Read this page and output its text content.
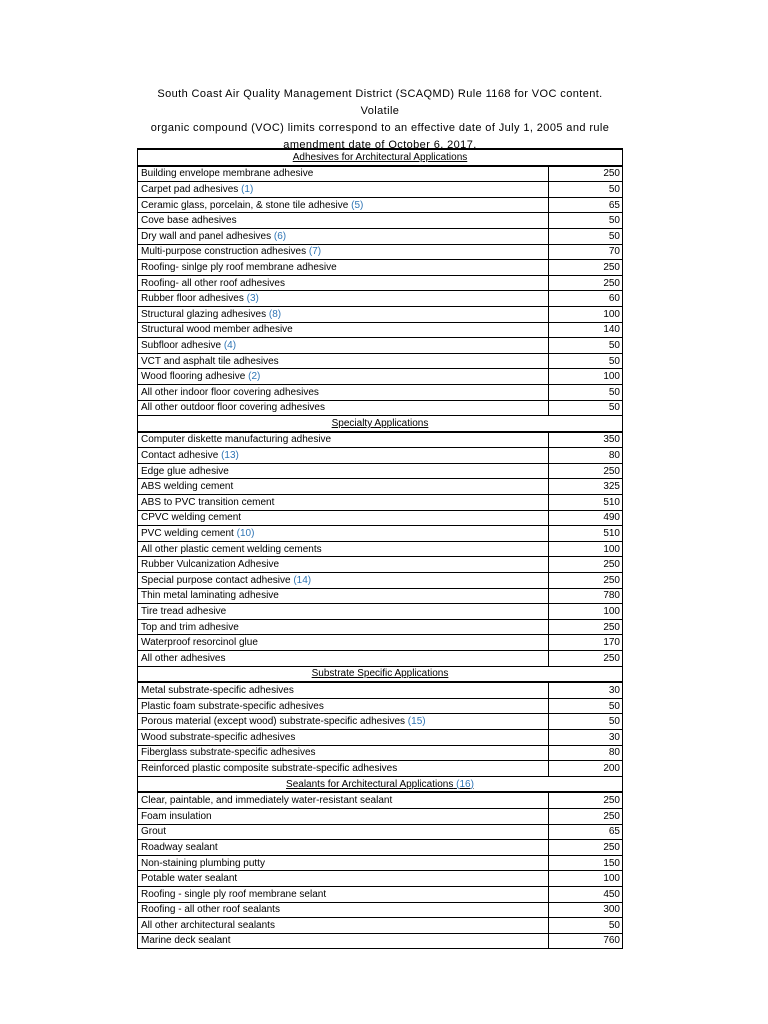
South Coast Air Quality Management District (SCAQMD) Rule 1168 for VOC content. Volatile
organic compound (VOC) limits correspond to an effective date of July 1, 2005 and rule
amendment date of October 6, 2017.
Adhesives for Architectural Applications	
Building envelope membrane adhesive	250
Carpet pad adhesives (1)	50
Ceramic glass, porcelain, & stone tile adhesive (5)	65
Cove base adhesives	50
Dry wall and panel adhesives (6)	50
Multi-purpose construction adhesives (7)	70
Roofing- sinlge ply roof membrane adhesive	250
Roofing- all other roof adhesives	250
Rubber floor adhesives (3)	60
Structural glazing adhesives (8)	100
Structural wood member adhesive	140
Subfloor adhesive (4)	50
VCT and asphalt tile adhesives	50
Wood flooring adhesive (2)	100
All other indoor floor covering adhesives	50
All other outdoor floor covering adhesives	50
Specialty Applications	
Computer diskette manufacturing adhesive	350
Contact adhesive (13)	80
Edge glue adhesive	250
ABS welding cement	325
ABS to PVC transition cement	510
CPVC welding cement	490
PVC welding cement (10)	510
All other plastic cement welding cements	100
Rubber Vulcanization Adhesive	250
Special purpose contact adhesive (14)	250
Thin metal laminating adhesive	780
Tire tread adhesive	100
Top and trim adhesive	250
Waterproof resorcinol glue	170
All other adhesives	250
Substrate Specific Applications	
Metal substrate-specific adhesives	30
Plastic foam substrate-specific adhesives	50
Porous material (except wood) substrate-specific adhesives (15)	50
Wood substrate-specific adhesives	30
Fiberglass substrate-specific adhesives	80
Reinforced plastic composite substrate-specific adhesives	200
Sealants for Architectural Applications (16)	
Clear, paintable, and immediately water-resistant sealant	250
Foam insulation	250
Grout	65
Roadway sealant	250
Non-staining plumbing putty	150
Potable water sealant	100
Roofing - single ply roof membrane selant	450
Roofing - all other roof sealants	300
All other architectural sealants	50
Marine deck sealant	760
